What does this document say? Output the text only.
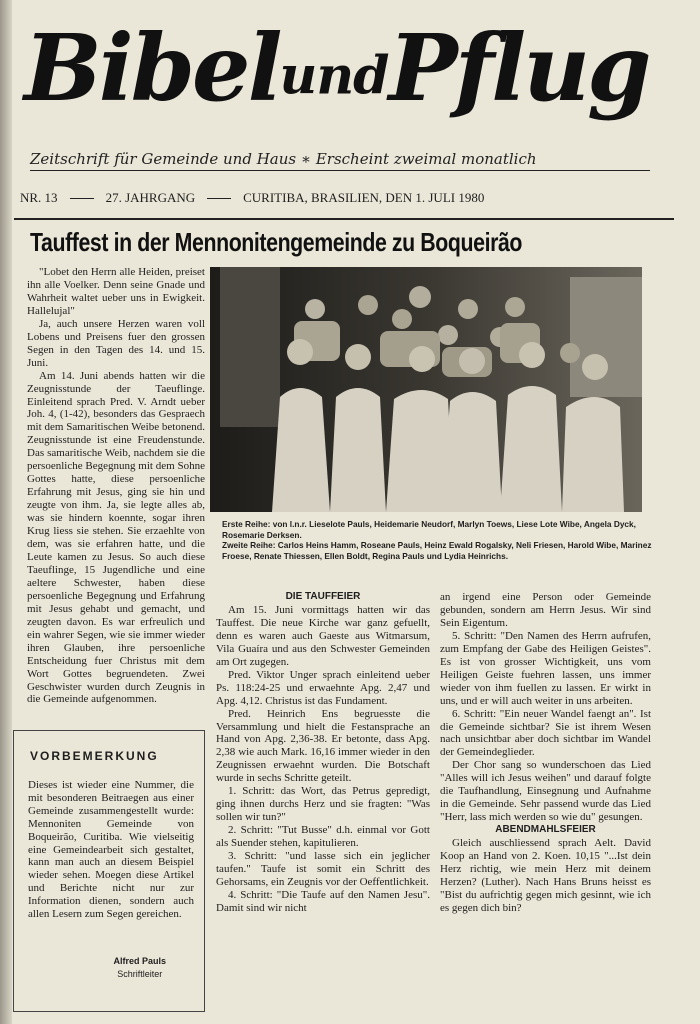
BibelundPflug
Zeitschrift für Gemeinde und Haus ∗ Erscheint zweimal monatlich
NR. 13	27. JAHRGANG	CURITIBA, BRASILIEN, DEN 1. JULI 1980
Tauffest in der Mennonitengemeinde zu Boqueirão

"Lobet den Herrn alle Heiden, preiset ihn alle Voelker. Denn seine Gnade und Wahrheit waltet ueber uns in Ewigkeit. Hallelujal"

Ja, auch unsere Herzen waren voll Lobens und Preisens fuer den grossen Segen in den Tagen des 14. und 15. Juni.

Am 14. Juni abends hatten wir die Zeugnisstunde der Taeuflinge. Einleitend sprach Pred. V. Arndt ueber Joh. 4, (1-42), besonders das Gespraech mit dem Samaritischen Weibe betonend. Zeugnisstunde ist eine Freudenstunde. Das samaritische Weib, nachdem sie die persoenliche Begegnung mit dem Sohne Gottes hatte, diese persoenliche Erfahrung mit Jesus, ging sie hin und zeugte von ihm. Ja, sie legte alles ab, was sie hindern koennte, sogar ihren Krug liess sie stehen. Sie erzaehlte von dem, was sie erfahren hatte, und die Leute kamen zu Jesus. So auch diese Taeuflinge, 15 Jugendliche und eine aeltere Schwester, haben diese persoenliche Begegnung und Erfahrung mit Jesus gehabt und gemacht, und zeugten davon. Es war erfreulich und ein wahrer Segen, wie sie immer wieder ihren Glauben, ihre persoenliche Entscheidung fuer Christus mit dem Wort Gottes begruendeten. Zwei Geschwister wurden durch Zeugnis in die Gemeinde aufgenommen.

VORBEMERKUNG
Dieses ist wieder eine Nummer, die mit besonderen Beitraegen aus einer Gemeinde zusammengestellt wurde: Mennoniten Gemeinde von Boqueirão, Curitiba. Wie vielseitig eine Gemeindearbeit sich gestaltet, kann man auch an diesem Beispiel wieder sehen. Moegen diese Artikel und Berichte nicht nur zur Information dienen, sondern auch allen Lesern zum Segen gereichen.
Alfred Pauls
Schriftleiter
Erste Reihe: von l.n.r. Lieselote Pauls, Heidemarie Neudorf, Marlyn Toews, Liese Lote Wibe, Angela Dyck, Rosemarie Derksen.
Zweite Reihe: Carlos Heins Hamm, Roseane Pauls, Heinz Ewald Rogalsky, Neli Friesen, Harold Wibe, Marinez Froese, Renate Thiessen, Ellen Boldt, Regina Pauls und Lydia Heinrichs.

DIE TAUFFEIER

Am 15. Juni vormittags hatten wir das Tauffest. Die neue Kirche war ganz gefuellt, denn es waren auch Gaeste aus Witmarsum, Vila Guaíra und aus den Schwester Gemeinden am Ort zugegen.

Pred. Viktor Unger sprach einleitend ueber Ps. 118:24-25 und erwaehnte Apg. 2,47 und Apg. 4,12. Christus ist das Fundament.

Pred. Heinrich Ens begruesste die Versammlung und hielt die Festansprache an Hand von Apg. 2,36-38. Er betonte, dass Apg. 2,38 wie auch Mark. 16,16 immer wieder in den Zeugnissen erwaehnt wurden. Die Botschaft wurde in sechs Schritte geteilt.

1. Schritt: das Wort, das Petrus gepredigt, ging ihnen durchs Herz und sie fragten: "Was sollen wir tun?"

2. Schritt: "Tut Busse" d.h. einmal vor Gott als Suender stehen, kapitulieren.

3. Schritt: "und lasse sich ein jeglicher taufen." Taufe ist somit ein Schritt des Gehorsams, ein Zeugnis vor der Oeffentlichkeit.

4. Schritt: "Die Taufe auf den Namen Jesu". Damit sind wir nicht

an irgend eine Person oder Gemeinde gebunden, sondern am Herrn Jesus. Wir sind Sein Eigentum.

5. Schritt: "Den Namen des Herrn aufrufen, zum Empfang der Gabe des Heiligen Geistes". Es ist von grosser Wichtigkeit, uns vom Heiligen Geiste fuehren lassen, uns immer wieder von ihm fuellen zu lassen. Er wirkt in uns, und er will auch weiter in uns arbeiten.

6. Schritt: "Ein neuer Wandel faengt an". Ist die Gemeinde sichtbar? Sie ist ihrem Wesen nach unsichtbar aber doch sichtbar im Wandel der Gemeindeglieder.

Der Chor sang so wunderschoen das Lied "Alles will ich Jesus weihen" und darauf folgte die Taufhandlung, Einsegnung und Aufnahme in die Gemeinde. Sehr passend wurde das Lied "Herr, lass mich werden so wie du" gesungen.

ABENDMAHLSFEIER

Gleich auschliessend sprach Aelt. David Koop an Hand von 2. Koen. 10,15 "...Ist dein Herz richtig, wie mein Herz mit deinem Herzen? (Luther). Nach Hans Bruns heisst es "Bist du aufrichtig gegen mich gesinnt, wie ich es gegen dich bin?
